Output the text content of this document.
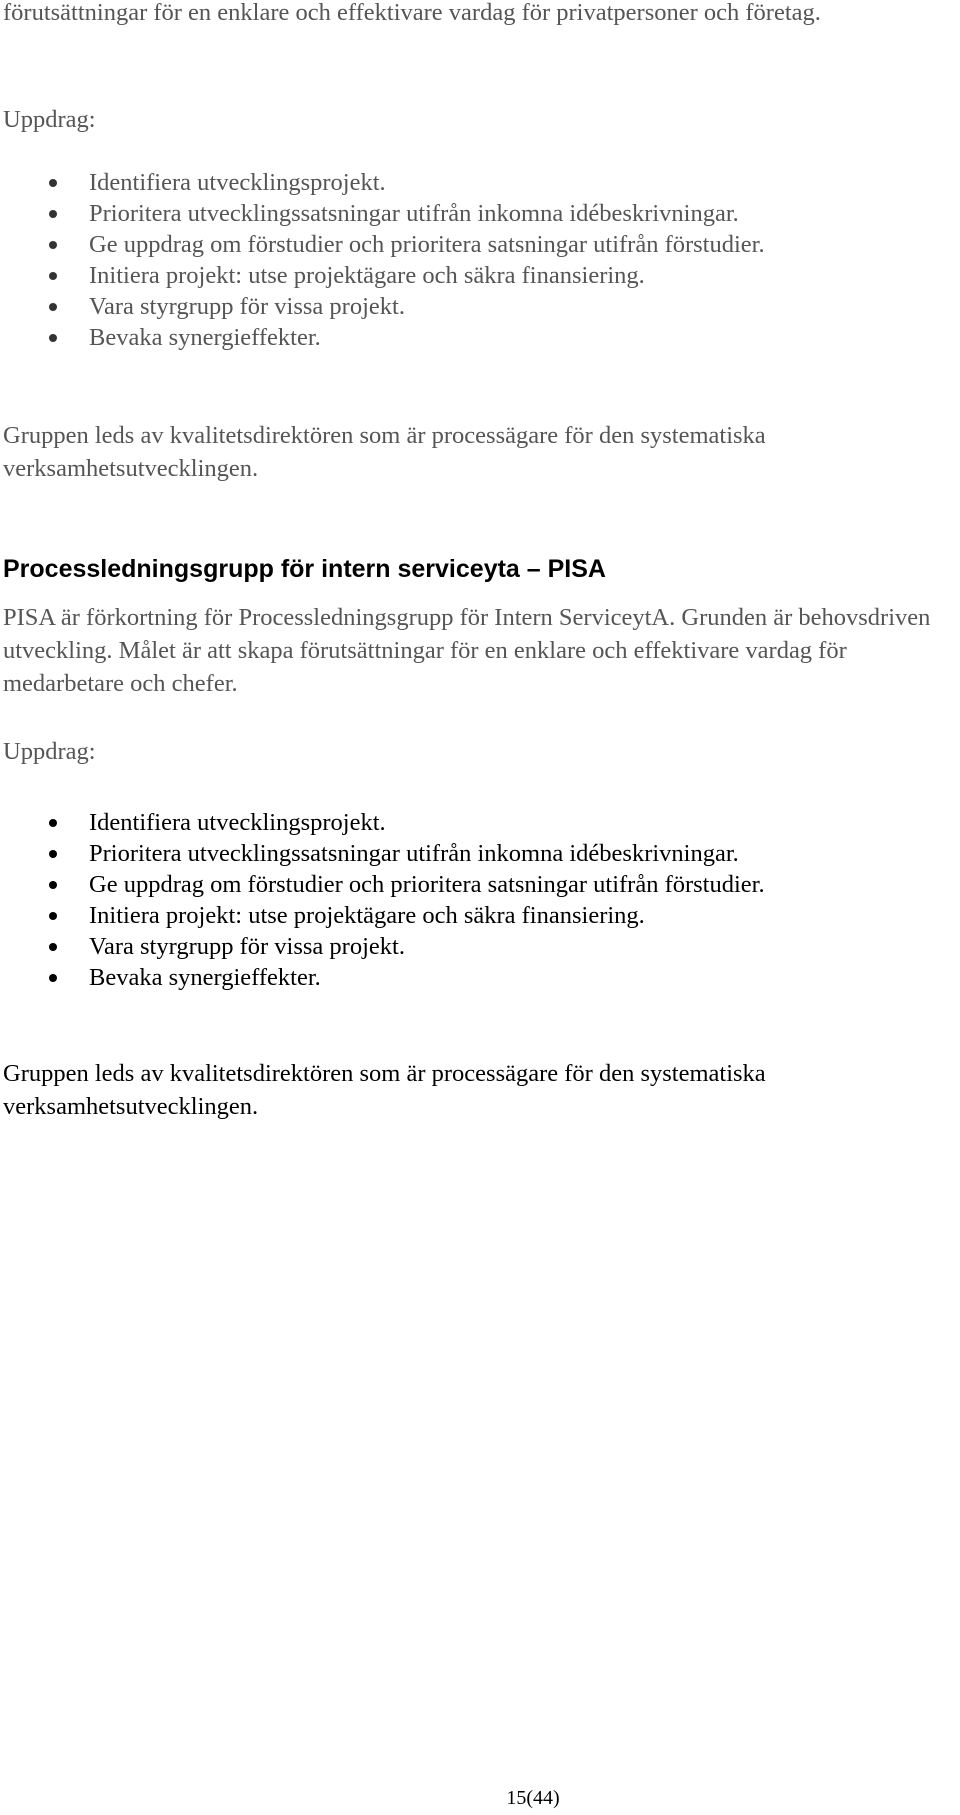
förutsättningar för en enklare och effektivare vardag för privatpersoner och företag.

Uppdrag:

Identifiera utvecklingsprojekt.
Prioritera utvecklingssatsningar utifrån inkomna idébeskrivningar.
Ge uppdrag om förstudier och prioritera satsningar utifrån förstudier.
Initiera projekt: utse projektägare och säkra finansiering.
Vara styrgrupp för vissa projekt.
Bevaka synergieffekter.

Gruppen leds av kvalitetsdirektören som är processägare för den systematiska verksamhetsutvecklingen.

Processledningsgrupp för intern serviceyta – PISA

PISA är förkortning för Processledningsgrupp för Intern ServiceytA. Grunden är behovsdriven utveckling. Målet är att skapa förutsättningar för en enklare och effektivare vardag för medarbetare och chefer.

Uppdrag:

Identifiera utvecklingsprojekt.
Prioritera utvecklingssatsningar utifrån inkomna idébeskrivningar.
Ge uppdrag om förstudier och prioritera satsningar utifrån förstudier.
Initiera projekt: utse projektägare och säkra finansiering.
Vara styrgrupp för vissa projekt.
Bevaka synergieffekter.

Gruppen leds av kvalitetsdirektören som är processägare för den systematiska verksamhetsutvecklingen.

15(44)
